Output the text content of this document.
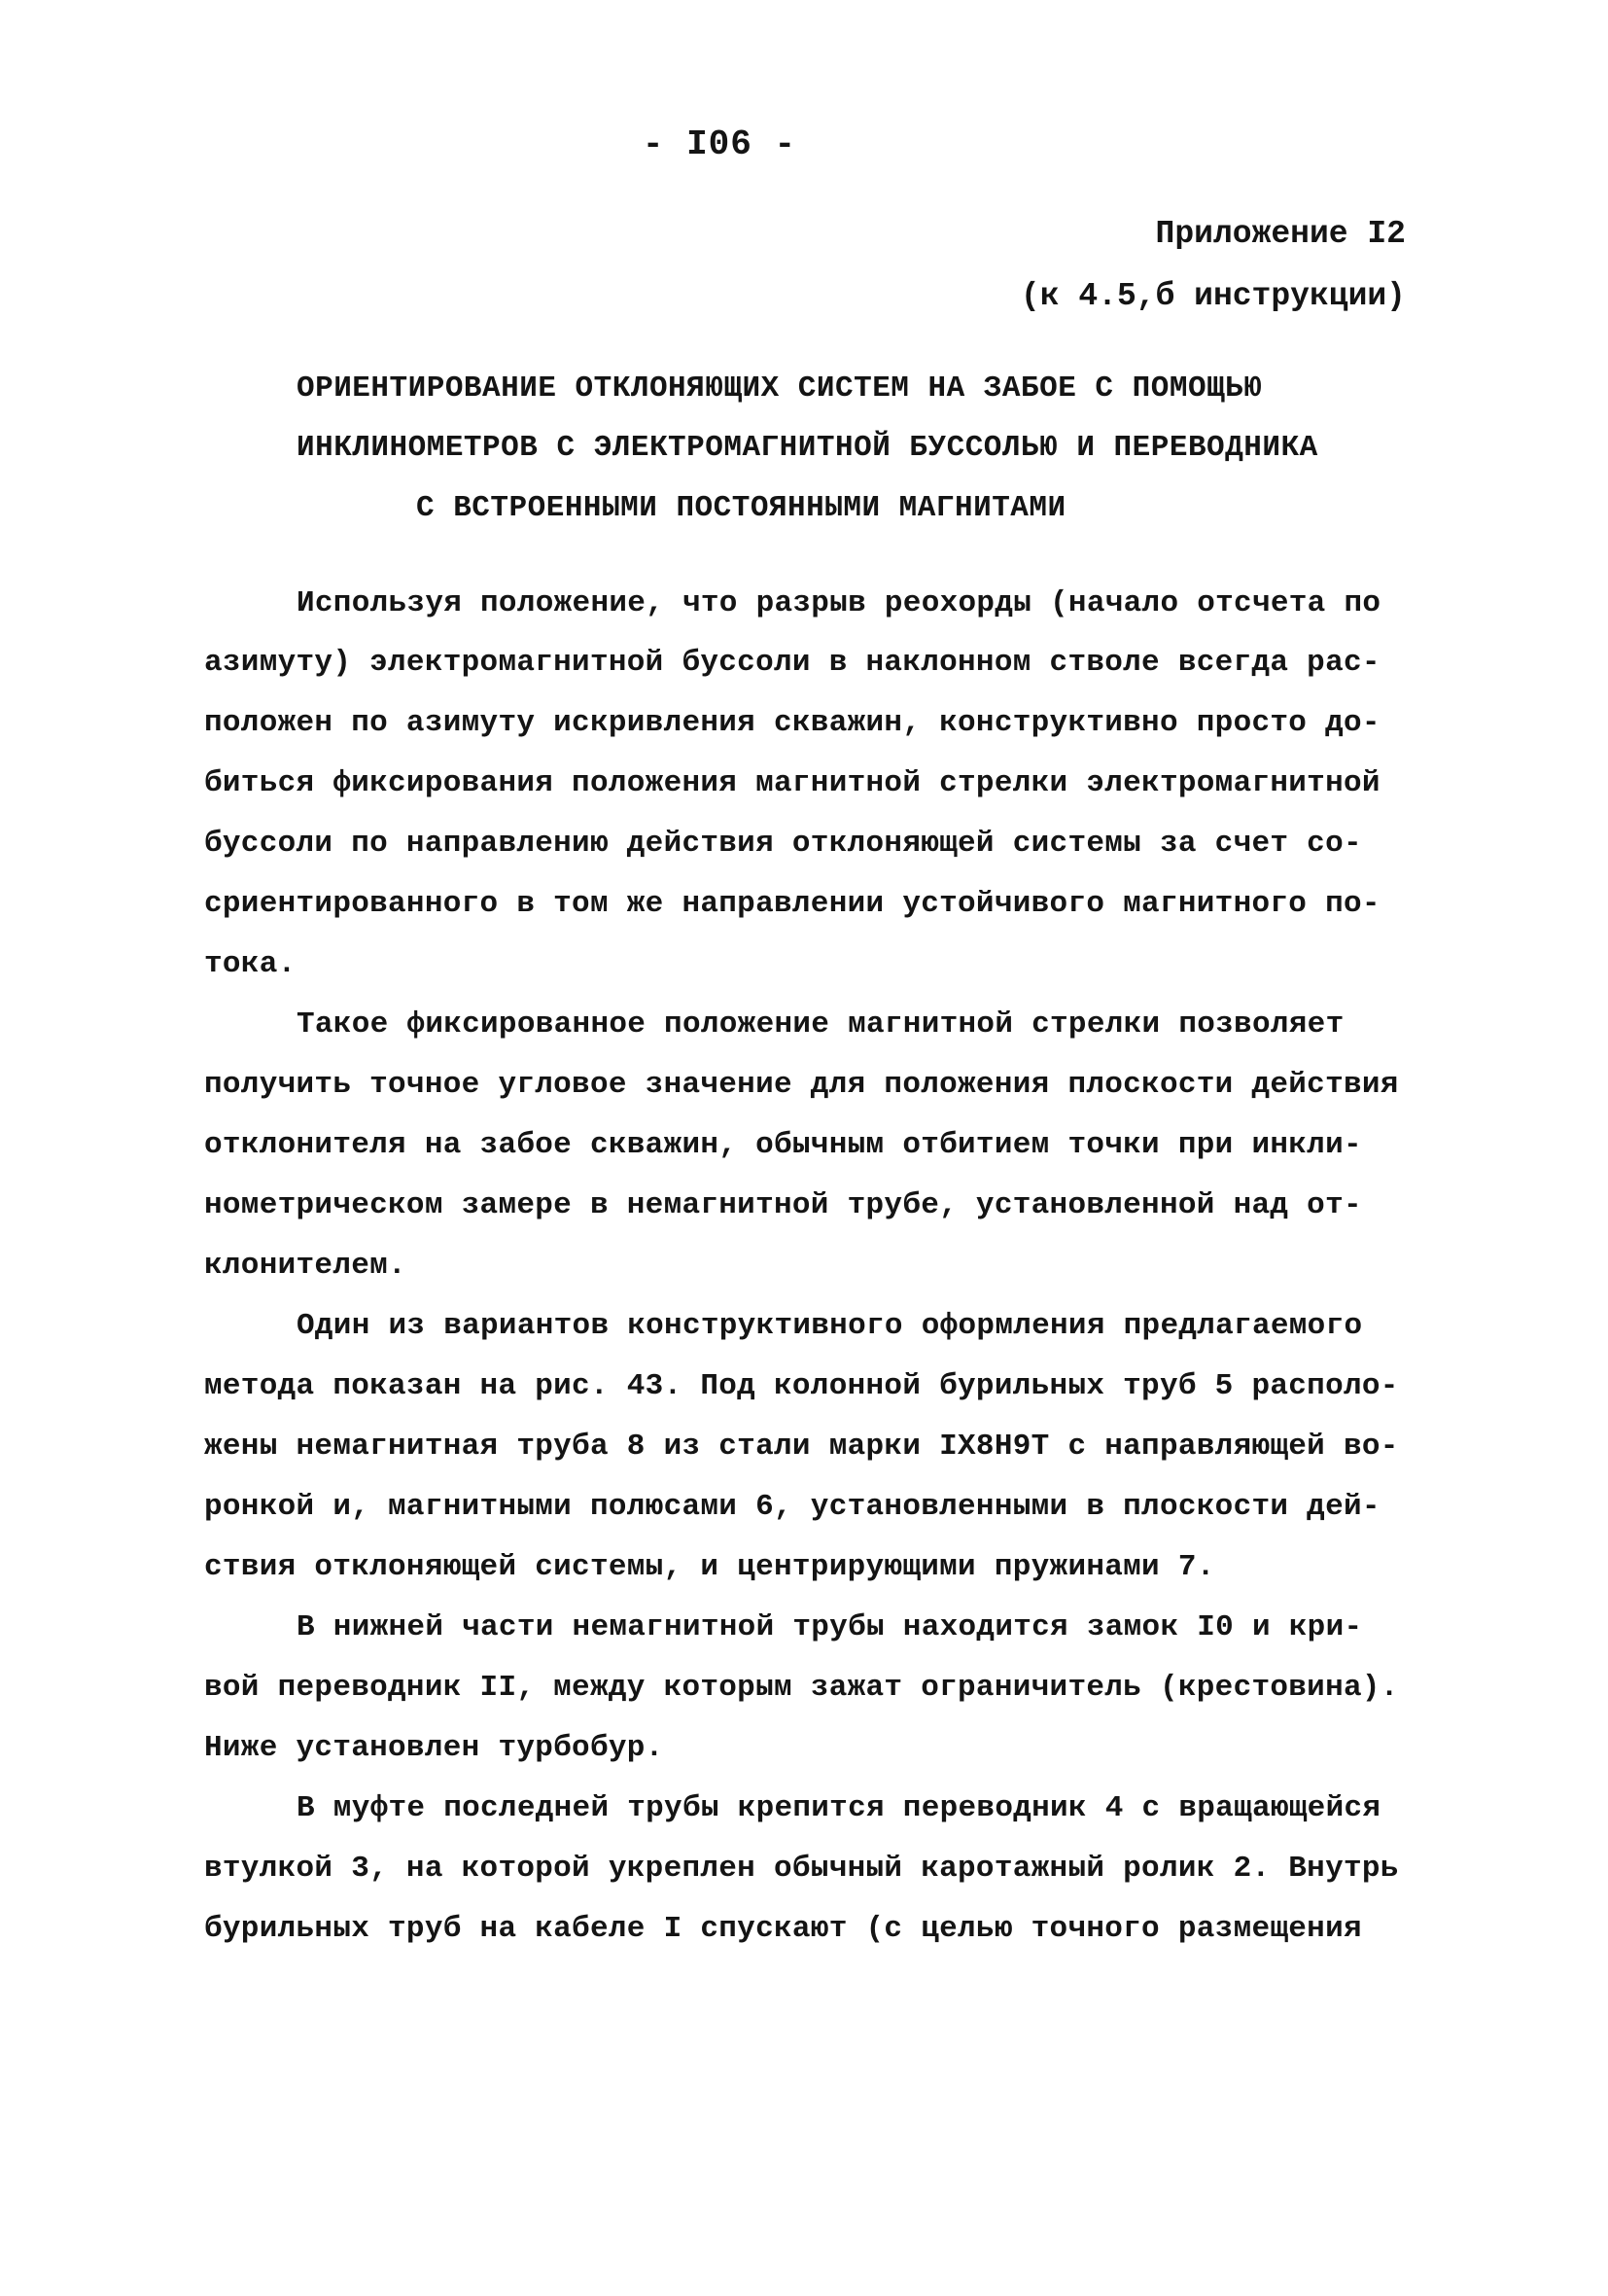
- I06 -
Приложение I2
(к 4.5,б инструкции)
ОРИЕНТИРОВАНИЕ ОТКЛОНЯЮЩИХ СИСТЕМ НА ЗАБОЕ С ПОМОЩЬЮ
ИНКЛИНОМЕТРОВ С ЭЛЕКТРОМАГНИТНОЙ БУССОЛЬЮ И ПЕРЕВОДНИКА
С ВСТРОЕННЫМИ ПОСТОЯННЫМИ МАГНИТАМИ
Используя положение, что разрыв реохорды (начало отсчета по
азимуту) электромагнитной буссоли в наклонном стволе всегда рас-
положен по азимуту искривления скважин, конструктивно просто до-
биться фиксирования положения магнитной стрелки электромагнитной
буссоли по направлению действия отклоняющей системы за счет со-
сриентированного в том же направлении устойчивого магнитного по-
тока.
Такое фиксированное положение магнитной стрелки позволяет
получить точное угловое значение для положения плоскости действия
отклонителя на забое скважин, обычным отбитием точки при инкли-
нометрическом замере в немагнитной трубе, установленной над от-
клонителем.
Один из вариантов конструктивного оформления предлагаемого
метода показан на рис. 43. Под колонной бурильных труб 5 располо-
жены немагнитная труба 8 из стали марки IХ8Н9Т с направляющей во-
ронкой и, магнитными полюсами 6, установленными в плоскости дей-
ствия отклоняющей системы, и центрирующими пружинами 7.
В нижней части немагнитной трубы находится замок I0 и кри-
вой переводник II, между которым зажат ограничитель (крестовина).
Ниже установлен турбобур.
В муфте последней трубы крепится переводник 4 с вращающейся
втулкой 3, на которой укреплен обычный каротажный ролик 2. Внутрь
бурильных труб на кабеле I спускают (с целью точного размещения
